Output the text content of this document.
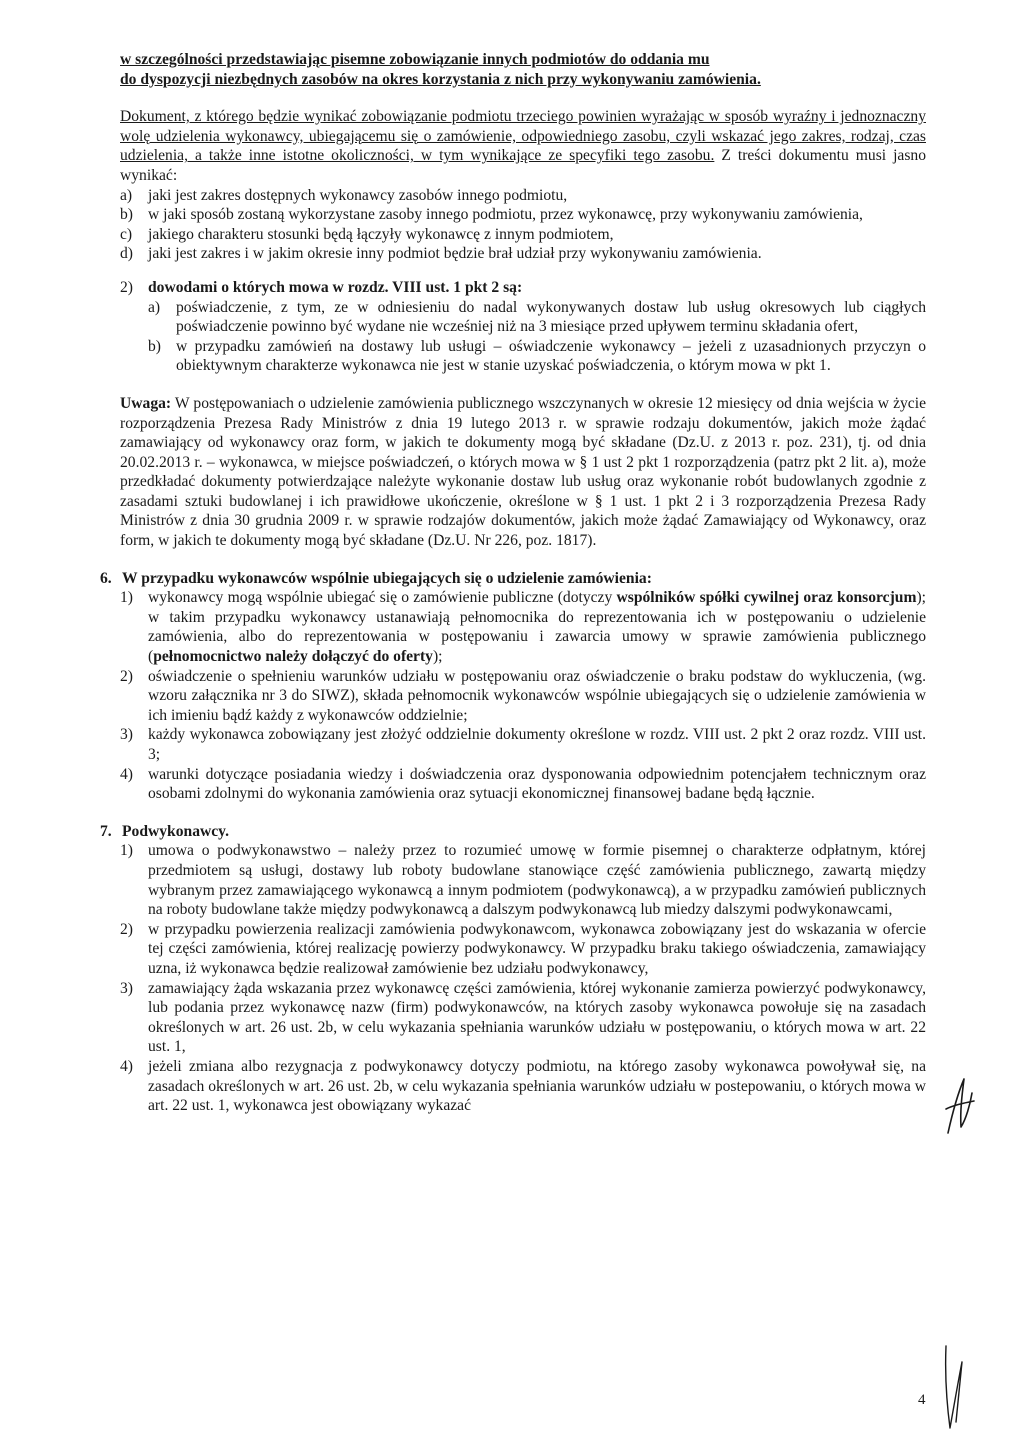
w szczególności przedstawiając pisemne zobowiązanie innych podmiotów do oddania mu

do dyspozycji niezbędnych zasobów na okres korzystania z nich przy wykonywaniu zamówienia.

Dokument, z którego będzie wynikać zobowiązanie podmiotu trzeciego powinien wyrażając w sposób wyraźny i jednoznaczny wolę udzielenia wykonawcy, ubiegającemu się o zamówienie, odpowiedniego zasobu, czyli wskazać jego zakres, rodzaj, czas udzielenia, a także inne istotne okoliczności, w tym wynikające ze specyfiki tego zasobu. Z treści dokumentu musi jasno wynikać:

a)	jaki jest zakres dostępnych wykonawcy zasobów innego podmiotu,
b) w jaki sposób zostaną wykorzystane zasoby innego podmiotu, przez wykonawcę, przy wykonywaniu zamówienia,
c)	jakiego charakteru stosunki będą łączyły wykonawcę z innym podmiotem,
d) jaki jest zakres i w jakim okresie inny podmiot będzie brał udział przy wykonywaniu zamówienia.
2) dowodami o których mowa w rozdz. VIII ust. 1 pkt 2 są:
a)	poświadczenie, z tym, ze w odniesieniu do nadal wykonywanych dostaw lub usług okresowych lub ciągłych poświadczenie powinno być wydane nie wcześniej niż na 3 miesiące przed upływem terminu składania ofert,
b) w przypadku zamówień na dostawy lub usługi – oświadczenie wykonawcy – jeżeli z uzasadnionych przyczyn o obiektywnym charakterze wykonawca nie jest w stanie uzyskać poświadczenia, o którym mowa w pkt 1.

Uwaga: W postępowaniach o udzielenie zamówienia publicznego wszczynanych w okresie 12 miesięcy od dnia wejścia w życie rozporządzenia Prezesa Rady Ministrów z dnia 19 lutego 2013 r. w sprawie rodzaju dokumentów, jakich może żądać zamawiający od wykonawcy oraz form, w jakich te dokumenty mogą być składane (Dz.U. z 2013 r. poz. 231), tj. od dnia 20.02.2013 r. – wykonawca, w miejsce poświadczeń, o których mowa w § 1 ust 2 pkt 1 rozporządzenia (patrz pkt 2 lit. a), może przedkładać dokumenty potwierdzające należyte wykonanie dostaw lub usług oraz wykonanie robót budowlanych zgodnie z zasadami sztuki budowlanej i ich prawidłowe ukończenie, określone w § 1 ust. 1 pkt 2 i 3 rozporządzenia Prezesa Rady Ministrów z dnia 30 grudnia 2009 r. w sprawie rodzajów dokumentów, jakich może żądać Zamawiający od Wykonawcy, oraz form, w jakich te dokumenty mogą być składane (Dz.U. Nr 226, poz. 1817).

6. W przypadku wykonawców wspólnie ubiegających się o udzielenie zamówienia:
1) wykonawcy mogą wspólnie ubiegać się o zamówienie publiczne (dotyczy wspólników spółki cywilnej oraz konsorcjum); w takim przypadku wykonawcy ustanawiają pełnomocnika do reprezentowania ich w postępowaniu o udzielenie zamówienia, albo do reprezentowania w postępowaniu i zawarcia umowy w sprawie zamówienia publicznego (pełnomocnictwo należy dołączyć do oferty);
2) oświadczenie o spełnieniu warunków udziału w postępowaniu oraz oświadczenie o braku podstaw do wykluczenia, (wg. wzoru załącznika nr 3 do SIWZ), składa pełnomocnik wykonawców wspólnie ubiegających się o udzielenie zamówienia w ich imieniu bądź każdy z wykonawców oddzielnie;
3) każdy wykonawca zobowiązany jest złożyć oddzielnie dokumenty określone w rozdz. VIII ust. 2 pkt 2 oraz rozdz. VIII ust. 3;
4) warunki dotyczące posiadania wiedzy i doświadczenia oraz dysponowania odpowiednim potencjałem technicznym oraz osobami zdolnymi do wykonania zamówienia oraz sytuacji ekonomicznej finansowej badane będą łącznie.
7. Podwykonawcy.
1) umowa o podwykonawstwo – należy przez to rozumieć umowę w formie pisemnej o charakterze odpłatnym, której przedmiotem są usługi, dostawy lub roboty budowlane stanowiące część zamówienia publicznego, zawartą między wybranym przez zamawiającego wykonawcą a innym podmiotem (podwykonawcą), a w przypadku zamówień publicznych na roboty budowlane także między podwykonawcą a dalszym podwykonawcą lub miedzy dalszymi podwykonawcami,
2) w przypadku powierzenia realizacji zamówienia podwykonawcom, wykonawca zobowiązany jest do wskazania w ofercie tej części zamówienia, której realizację powierzy podwykonawcy. W przypadku braku takiego oświadczenia, zamawiający uzna, iż wykonawca będzie realizował zamówienie bez udziału podwykonawcy,
3) zamawiający żąda wskazania przez wykonawcę części zamówienia, której wykonanie zamierza powierzyć podwykonawcy, lub podania przez wykonawcę nazw (firm) podwykonawców, na których zasoby wykonawca powołuje się na zasadach określonych w art. 26 ust. 2b, w celu wykazania spełniania warunków udziału w postępowaniu, o których mowa w art. 22 ust. 1,
4) jeżeli zmiana albo rezygnacja z podwykonawcy dotyczy podmiotu, na którego zasoby wykonawca powoływał się, na zasadach określonych w art. 26 ust. 2b, w celu wykazania spełniania warunków udziału w postepowaniu, o których mowa w art. 22 ust. 1, wykonawca jest obowiązany wykazać
4
